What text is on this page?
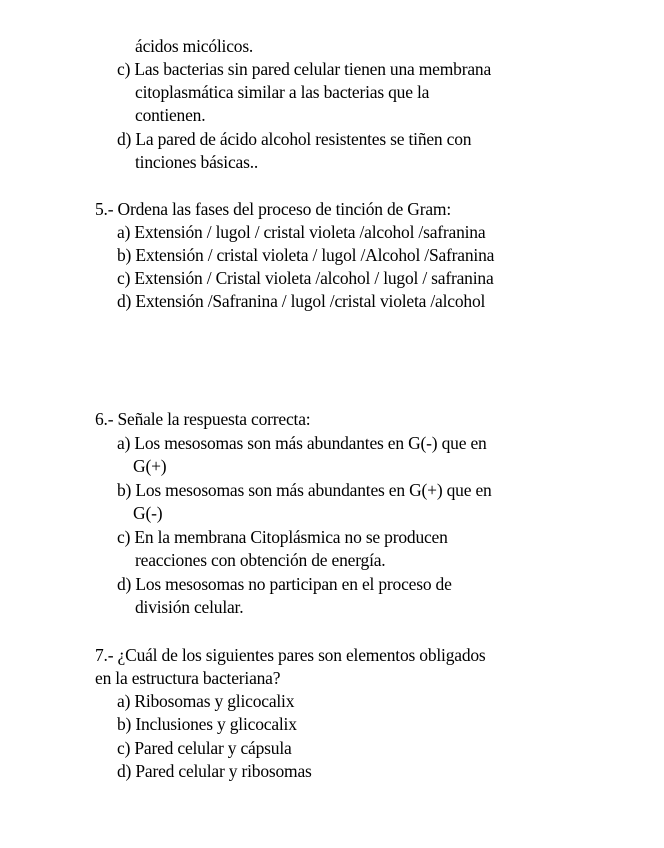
ácidos micólicos.
c) Las bacterias sin pared celular tienen una membrana
citoplasmática similar a las bacterias que la
contienen.
d) La pared de ácido alcohol resistentes se tiñen con
tinciones básicas..
5.- Ordena las fases del proceso de tinción de Gram:
a) Extensión / lugol / cristal violeta /alcohol /safranina
b) Extensión / cristal violeta / lugol /Alcohol /Safranina
c) Extensión / Cristal violeta /alcohol / lugol / safranina
d) Extensión /Safranina / lugol /cristal violeta /alcohol
6.- Señale la respuesta correcta:
a) Los mesosomas son más abundantes en G(-) que en
G(+)
b) Los mesosomas son más abundantes en G(+) que en
G(-)
c) En la membrana Citoplásmica no se producen
reacciones con obtención de energía.
d) Los mesosomas no participan en el proceso de
división celular.
7.- ¿Cuál de los siguientes pares son elementos obligados
en la estructura bacteriana?
a) Ribosomas y glicocalix
b) Inclusiones y glicocalix
c) Pared celular y cápsula
d) Pared celular y ribosomas
